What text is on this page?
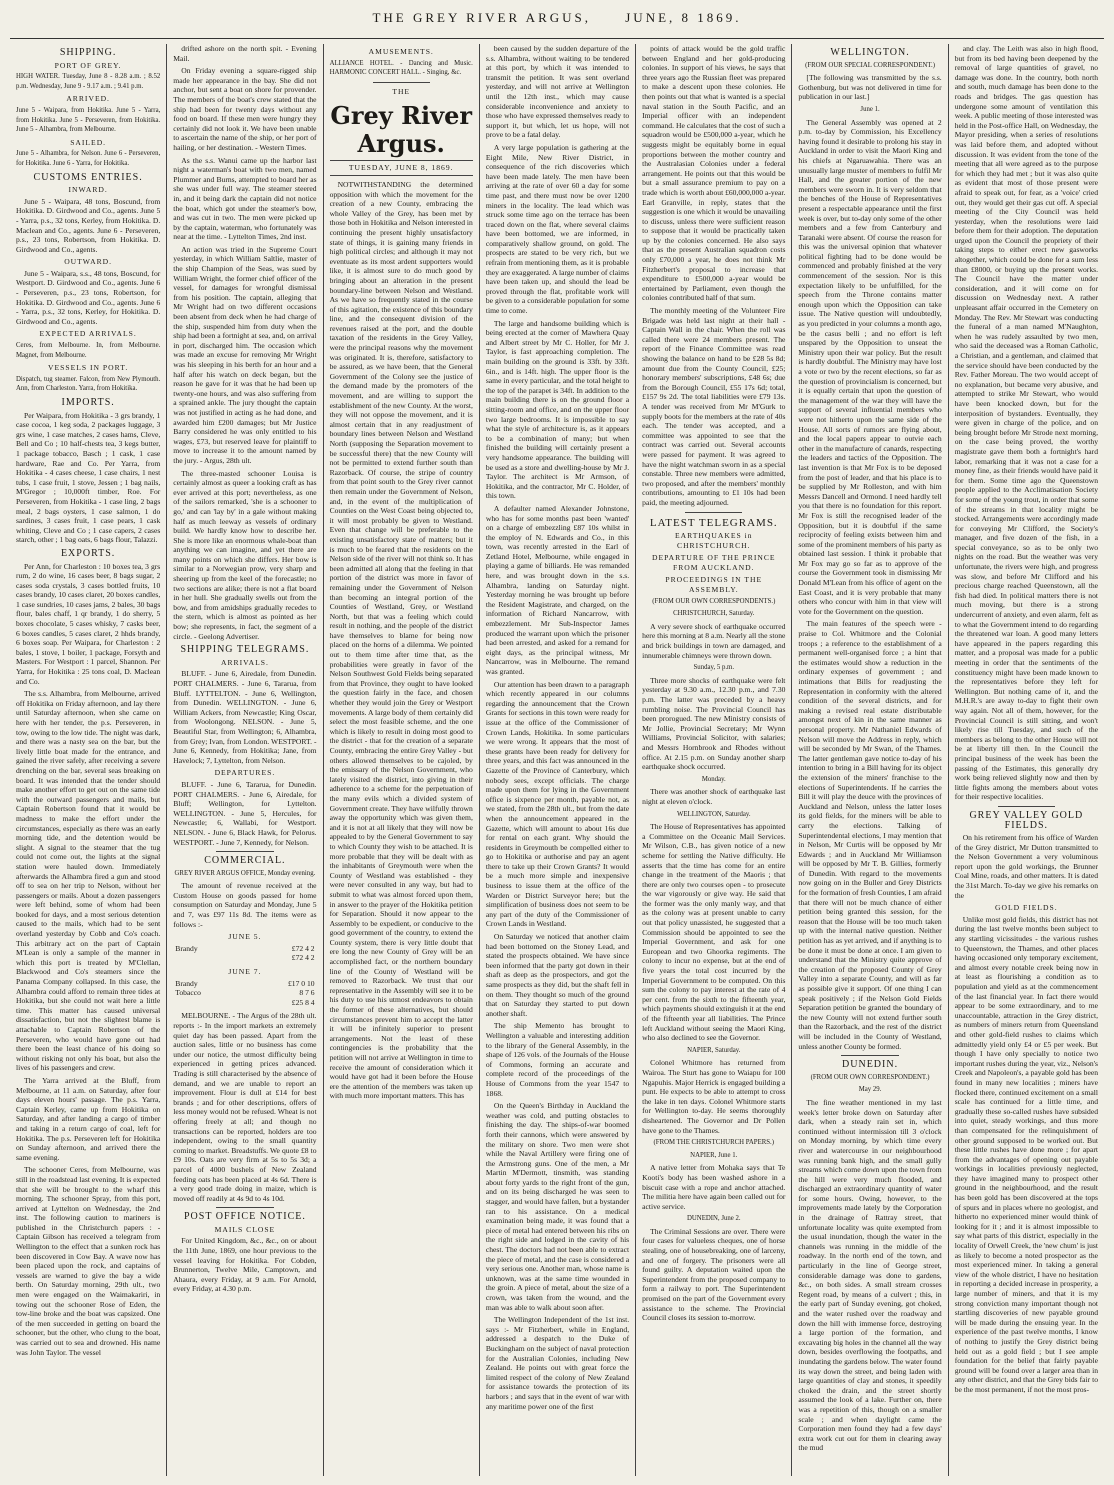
THE GREY RIVER ARGUS,	JUNE, 8 1869.
SHIPPING.
PORT OF GREY.

HIGH WATER. Tuesday, June 8 - 8.28 a.m. ; 8.52 p.m. Wednesday, June 9 - 9.17 a.m. ; 9.41 p.m.

ARRIVED.

June 5 - Waipara, from Hokitika. June 5 - Yarra, from Hokitika. June 5 - Perseveren, from Hokitika. June 5 - Alhambra, from Melbourne.

SAILED.

June 5 - Alhambra, for Nelson. June 6 - Perseveren, for Hokitika. June 6 - Yarra, for Hokitika.

CUSTOMS ENTRIES.
INWARD.

June 5 - Waipara, 48 tons, Boscund, from Hokitika. D. Girdwood and Co., agents. June 5 - Yarra, p.s., 32 tons, Kerley, from Hokitika. D. Maclean and Co., agents. June 6 - Perseveren, p.s., 23 tons, Robertson, from Hokitika. D. Girdwood and Co., agents.

OUTWARD.

June 5 - Waipara, s.s., 48 tons, Boscund, for Westport. D. Girdwood and Co., agents. June 6 - Perseveren, p.s., 23 tons, Robertson, for Hokitika. D. Girdwood and Co., agents. June 6 - Yarra, p.s., 32 tons, Kerley, for Hokitika. D. Girdwood and Co., agents.

EXPECTED ARRIVALS.

Ceres, from Melbourne. In, from Melbourne. Magnet, from Melbourne.

VESSELS IN PORT.

Dispatch, tug steamer. Falcon, from New Plymouth. Ann, from Charleston. Yarra, from Hokitika.

IMPORTS.

Per Waipara, from Hokitika - 3 grs brandy, 1 case cocoa, 1 keg soda, 2 packages luggage, 3 grs wine, 1 case matches, 2 cases hams, Cleve, Bell and Co ; 10 half-chests tea, 3 kegs butter, 1 package tobacco, Basch ; 1 cask, 1 case hardware, Rae and Co. Per Yarra, from Hokitika - 4 cases cheese, 1 case chairs, 1 nest tubs, 1 case fruit, 1 stove, Jessen ; 1 bag nails, M'Gregor ; 10,000ft timber, Roe. For Perseveren, from Hokitika - 1 case ling, 2 bags meal, 2 bags oysters, 1 case salmon, 1 do sardines, 3 cases fruit, 1 case pears, 1 cask whiting, Cleve and Co ; 1 case capers, 2 cases starch, other ; 1 bag oats, 6 bags flour, Talazzi.

EXPORTS.

Per Ann, for Charleston : 10 boxes tea, 3 grs rum, 2 do wine, 16 cases beer, 8 bags sugar, 2 cases soda crystals, 3 cases bottled fruits, 10 cases brandy, 10 cases claret, 20 boxes candles, 1 case sundries, 10 cases jams, 2 bales, 30 bags flour, bales chaff, 1 qr brandy, 1 do sherry, 5 boxes chocolate, 5 cases whisky, 7 casks beer, 6 boxes candles, 5 cases claret, 2 hhds brandy, 6 boxes soap. Per Waipara, for Charleston : 2 bales, 1 stove, 1 boiler, 1 package, Forsyth and Masters. For Westport : 1 parcel, Shannon. Per Yarra, for Hokitika : 25 tons coal, D. Maclean and Co.

The s.s. Alhambra, from Melbourne, arrived off Hokitika on Friday afternoon, and lay there until Saturday afternoon, when she came on here with her tender, the p.s. Perseveren, in tow, owing to the low tide. The night was dark, and there was a nasty sea on the bar, but the lively little boat made for the entrance, and gained the river safely, after receiving a severe drenching on the bar, several seas breaking on board. It was intended that the tender should make another effort to get out on the same tide with the outward passengers and mails, but Captain Robertson found that it would be madness to make the effort under the circumstances, especially as there was an early morning tide, and the detention would be slight. A signal to the steamer that the tug could not come out, the lights at the signal station were hauled down. Immediately afterwards the Alhambra fired a gun and stood off to sea on her trip to Nelson, without her passengers or mails. About a dozen passengers were left behind, some of whom had been booked for days, and a most serious detention caused to the mails, which had to be sent overland yesterday by Cobb and Co's coach. This arbitrary act on the part of Captain M'Lean is only a sample of the manner in which this port is treated by M'Clellan, Blackwood and Co's steamers since the Panama Company collapsed. In this case, the Alhambra could afford to remain three tides at Hokitika, but she could not wait here a little time. This matter has caused universal dissatisfaction, but not the slightest blame is attachable to Captain Robertson of the Perseveren, who would have gone out had there been the least chance of his doing so without risking not only his boat, but also the lives of his passengers and crew.

The Yarra arrived at the Bluff, from Melbourne, at 11 a.m. on Saturday, after four days eleven hours' passage. The p.s. Yarra, Captain Kerley, came up from Hokitika on Saturday, and after landing a cargo of timber and taking in a return cargo of coal, left for Hokitika. The p.s. Perseveren left for Hokitika on Sunday afternoon, and arrived there the same evening.

The schooner Ceres, from Melbourne, was still in the roadstead last evening. It is expected that she will be brought to the wharf this morning. The schooner Spray, from this port, arrived at Lyttelton on Wednesday, the 2nd inst. The following caution to mariners is published in the Christchurch papers : - Captain Gibson has received a telegram from Wellington to the effect that a sunken rock has been discovered in Cow Bay. A wave now has been placed upon the rock, and captains of vessels are warned to give the bay a wide berth. On Saturday morning, 29th ult., two men were engaged on the Waimakariri, in towing out the schooner Rose of Eden, the tow-line broke and the boat was capsized. One of the men succeeded in getting on board the schooner, but the other, who clung to the boat, was carried out to sea and drowned. His name was John Taylor. The vessel

drifted ashore on the north spit. - Evening Mail.

On Friday evening a square-rigged ship made her appearance in the bay. She did not anchor, but sent a boat on shore for provender. The members of the boat's crew stated that the ship had been for twenty days without any food on board. If these men were hungry they certainly did not look it. We have been unable to ascertain the name of the ship, or her port of hailing, or her destination. - Western Times.

As the s.s. Wanui came up the harbor last night a waterman's boat with two men, named Plummer and Burns, attempted to board her as she was under full way. The steamer steered in, and it being dark the captain did not notice the boat, which got under the steamer's bow, and was cut in two. The men were picked up by the captain, waterman, who fortunately was near at the time. - Lyttelton Times, 2nd inst.

An action was tried in the Supreme Court yesterday, in which William Saltlie, master of the ship Champion of the Seas, was sued by William Wright, the former chief officer of the vessel, for damages for wrongful dismissal from his position. The captain, alleging that Mr Wright had on two different occasions been absent from deck when he had charge of the ship, suspended him from duty when the ship had been a fortnight at sea, and, on arrival in port, discharged him. The occasion which was made an excuse for removing Mr Wright was his sleeping in his berth for an hour and a half after his watch on deck began, but the reason he gave for it was that he had been up twenty-one hours, and was also suffering from a sprained ankle. The jury thought the captain was not justified in acting as he had done, and awarded him £200 damages; but Mr Justice Barry considered he was only entitled to his wages, £73, but reserved leave for plaintiff to move to increase it to the amount named by the jury. - Argus, 28th ult.

The three-masted schooner Louisa is certainly almost as queer a looking craft as has ever arrived at this port; nevertheless, as one of the sailors remarked, 'she is a schooner to go,' and can 'lay by' in a gale without making half as much leeway as vessels of ordinary build. We hardly know how to describe her. She is more like an enormous whale-boat than anything we can imagine, and yet there are many points on which she differs. Her bow is similar to a Norwegian prow, very sharp and sheering up from the keel of the forecastle; no two sections are alike; there is not a flat board in her hull. She gradually swells out from the bow, and from amidships gradually recedes to the stern, which is almost as pointed as her bow; she represents, in fact, the segment of a circle. - Geelong Advertiser.

SHIPPING TELEGRAMS.
ARRIVALS.

BLUFF. - June 6, Airedale, from Dunedin. PORT CHALMERS. - June 6, Tararua, from Bluff. LYTTELTON. - June 6, Wellington, from Dunedin. WELLINGTON. - June 6, William Ackers, from Newcastle; King Oscar, from Woolongong. NELSON. - June 5, Beautiful Star, from Wellington; 6, Alhambra, from Grey; Ivan, from London. WESTPORT. - June 6, Kennedy, from Hokitika; Jane, from Havelock; 7, Lyttelton, from Nelson.

DEPARTURES.

BLUFF. - June 6, Tararua, for Dunedin. PORT CHALMERS. - June 6, Airedale, for Bluff; Wellington, for Lyttelton. WELLINGTON. - June 5, Hercules, for Newcastle; 6, Wallabi, for Westport. NELSON. - June 6, Black Hawk, for Pelorus. WESTPORT. - June 7, Kennedy, for Nelson.

COMMERCIAL.

GREY RIVER ARGUS OFFICE, Monday evening.

The amount of revenue received at the Custom House on goods passed for home consumption on Saturday and Monday, June 5 and 7, was £97 11s 8d. The items were as follows :-

JUNE 5.
Brandy	£72 4 2
	£72 4 2
JUNE 7.
Brandy	£17 0 10
Tobacco	8 7 6
	£25 8 4

MELBOURNE. - The Argus of the 28th ult. reports :- In the import markets an extremely quiet day has been passed. Apart from the auction sales, little or no business has come under our notice, the utmost difficulty being experienced in getting prices advanced. Trading is still characterised by the absence of demand, and we are unable to report an improvement. Flour is dull at £14 for best brands ; and for other descriptions, offers of less money would not be refused. Wheat is not offering freely at all; and though no transactions can be reported, holders are too independent, owing to the small quantity coming to market. Breadstuffs. We quote £8 to £9 10s. Oats are very firm at 5s to 5s 3d; a parcel of 4000 bushels of New Zealand feeding oats has been placed at 4s 6d. There is a very good trade doing in maize, which is moved off readily at 4s 9d to 4s 10d.

POST OFFICE NOTICE.
MAILS CLOSE

For United Kingdom, &c., &c., on or about the 11th June, 1869, one hour previous to the vessel leaving for Hokitika. For Cobden, Brunnerton, Twelve Mile, Camptown, and Ahaura, every Friday, at 9 a.m. For Arnold, every Friday, at 4.30 p.m.

AMUSEMENTS.

ALLIANCE HOTEL. - Dancing and Music. HARMONIC CONCERT HALL. - Singing, &c.

THE
Grey River Argus.
TUESDAY, JUNE 8, 1869.

NOTWITHSTANDING the determined opposition with which the movement for the creation of a new County, embracing the whole Valley of the Grey, has been met by those both in Hokitika and Nelson interested in continuing the present highly unsatisfactory state of things, it is gaining many friends in high political circles; and although it may not eventuate as its most ardent supporters would like, it is almost sure to do much good by bringing about an alteration in the present boundary-line between Nelson and Westland. As we have so frequently stated in the course of this agitation, the existence of this boundary line, and the consequent division of the revenues raised at the port, and the double taxation of the residents in the Grey Valley, were the principal reasons why the movement was originated. It is, therefore, satisfactory to be assured, as we have been, that the General Government of the Colony see the justice of the demand made by the promoters of the movement, and are willing to support the establishment of the new County. At the worst, they will not oppose the movement, and it is almost certain that in any readjustment of boundary lines between Nelson and Westland North (supposing the Separation movement to be successful there) that the new County will not be permitted to extend further south than Razorback. Of course, the stripe of country from that point south to the Grey river cannot then remain under the Government of Nelson, and, in the event of the multiplication of Counties on the West Coast being objected to, it will most probably be given to Westland. Even that change will be preferable to the existing unsatisfactory state of matters; but it is much to be feared that the residents on the Nelson side of the river will not think so. It has been admitted all along that the feeling in that portion of the district was more in favor of remaining under the Government of Nelson than becoming an integral portion of the Counties of Westland, Grey, or Westland North, but that was a feeling which could result in nothing, and the people of the district have themselves to blame for being now placed on the horns of a dilemma. We pointed out to them time after time that, as the probabilities were greatly in favor of the Nelson Southwest Gold Fields being separated from that Province, they ought to have looked the question fairly in the face, and chosen whether they would join the Grey or Westport movements. A large body of them certainly did select the most feasible scheme, and the one which is likely to result in doing most good to the district - that for the creation of a separate County, embracing the entire Grey Valley - but others allowed themselves to be cajoled, by the emissary of the Nelson Government, who lately visited the district, into giving in their adherence to a scheme for the perpetuation of the many evils which a divided system of Government create. They have wilfully thrown away the opportunity which was given them, and it is not at all likely that they will now be appealed to by the General Government to say to which County they wish to be attached. It is more probable that they will be dealt with as the inhabitants of Greymouth were when the County of Westland was established - they were never consulted in any way, but had to submit to what was almost forced upon them, in answer to the prayer of the Hokitika petition for Separation. Should it now appear to the Assembly to be expedient, or conducive to the good government of the country, to extend the County system, there is very little doubt that ere long the new County of Grey will be an accomplished fact, or the northern boundary line of the County of Westland will be removed to Razorback. We trust that our representative in the Assembly will see it to be his duty to use his utmost endeavors to obtain the former of these alternatives, but should circumstances prevent him to accept the latter it will be infinitely superior to present arrangements. Not the least of these contingencies is the probability that the petition will not arrive at Wellington in time to receive the amount of consideration which it would have got had it been before the House ere the attention of the members was taken up with much more important matters. This has

been caused by the sudden departure of the s.s. Alhambra, without waiting to be tendered at this port, by which it was intended to transmit the petition. It was sent overland yesterday, and will not arrive at Wellington until the 12th inst., which may cause considerable inconvenience and anxiety to those who have expressed themselves ready to support it, but which, let us hope, will not prove to be a fatal delay.

A very large population is gathering at the Eight Mile, New River District, in consequence of the rich discoveries which have been made lately. The men have been arriving at the rate of over 60 a day for some time past, and there must now be over 1200 miners in the locality. The lead which was struck some time ago on the terrace has been traced down on the flat, where several claims have been bottomed, we are informed, in comparatively shallow ground, on gold. The prospects are stated to be very rich, but we refrain from mentioning them, as it is probable they are exaggerated. A large number of claims have been taken up, and should the lead be proved through the flat, profitable work will be given to a considerable population for some time to come.

The large and handsome building which is being erected at the corner of Mawhera Quay and Albert street by Mr C. Holler, for Mr J. Taylor, is fast approaching completion. The main building on the ground is 33ft. by 33ft. 6in., and is 14ft. high. The upper floor is the same in every particular, and the total height to the top of the parapet is 34ft. In addition to the main building there is on the ground floor a sitting-room and office, and on the upper floor two large bedrooms. It is impossible to say what the style of architecture is, as it appears to be a combination of many; but when finished the building will certainly present a very handsome appearance. The building will be used as a store and dwelling-house by Mr J. Taylor. The architect is Mr Armson, of Hokitika, and the contractor, Mr C. Holder, of this town.

A defaulter named Alexander Johnstone, who has for some months past been 'wanted' on a charge of embezzling £87 10s whilst in the employ of N. Edwards and Co., in this town, was recently arrested in the Earl of Zetland Hotel, Melbourne, while engaged in playing a game of billiards. He was remanded here, and was brought down in the s.s. Alhambra, landing on Saturday night. Yesterday morning he was brought up before the Resident Magistrate, and charged, on the information of Richard Nancarrow, with embezzlement. Mr Sub-Inspector James produced the warrant upon which the prisoner had been arrested, and asked for a remand for eight days, as the principal witness, Mr Nancarrow, was in Melbourne. The remand was granted.

Our attention has been drawn to a paragraph which recently appeared in our columns regarding the announcement that the Crown Grants for sections in this town were ready for issue at the office of the Commissioner of Crown Lands, Hokitika. In some particulars we were wrong. It appears that the most of these grants have been ready for delivery for three years, and this fact was announced in the Gazette of the Province of Canterbury, which nobody sees, except officials. The charge made upon them for lying in the Government office is sixpence per month, payable not, as we stated, from the 28th ult., but from the date when the announcement appeared in the Gazette, which will amount to about 16s due for rental on each grant. Why should the residents in Greymouth be compelled either to go to Hokitika or authorise and pay an agent there to take up their Crown Grants? It would be a much more simple and inexpensive business to issue them at the office of the Warden or District Surveyor here; but the simplification of business does not seem to be any part of the duty of the Commissioner of Crown Lands in Westland.

On Saturday we noticed that another claim had been bottomed on the Stoney Lead, and stated the prospects obtained. We have since been informed that the party got down in their shaft as deep as the prospectors, and got the same prospects as they did, but the shaft fell in on them. They thought so much of the ground that on Saturday they started to put down another shaft.

The ship Memento has brought to Wellington a valuable and interesting addition to the library of the General Assembly, in the shape of 126 vols. of the Journals of the House of Commons, forming an accurate and complete record of the proceedings of the House of Commons from the year 1547 to 1868.

On the Queen's Birthday in Auckland the weather was cold, and putting obstacles to finishing the day. The ships-of-war boomed forth their cannons, which were answered by the military on shore. Two men were shot while the Naval Artillery were firing one of the Armstrong guns. One of the men, a Mr Martin M'Dermott, tinsmith, was standing about forty yards to the right front of the gun, and on its being discharged he was seen to stagger, and would have fallen, but a bystander ran to his assistance. On a medical examination being made, it was found that a piece of metal had entered between his ribs on the right side and lodged in the cavity of his chest. The doctors had not been able to extract the piece of metal, and the case is considered a very serious one. Another man, whose name is unknown, was at the same time wounded in the groin. A piece of metal, about the size of a crown, was taken from the wound, and the man was able to walk about soon after.

The Wellington Independent of the 1st inst. says :- Mr Fitzherbert, while in England, addressed a despatch to the Duke of Buckingham on the subject of naval protection for the Australian Colonies, including New Zealand. He points out with great force the limited respect of the colony of New Zealand for assistance towards the protection of its harbors ; and says that in the event of war with any maritime power one of the first

points of attack would be the gold traffic between England and her gold-producing colonies. In support of his views, he says that three years ago the Russian fleet was prepared to make a descent upon these colonies. He then points out that what is wanted is a special naval station in the South Pacific, and an Imperial officer with an independent command. He calculates that the cost of such a squadron would be £500,000 a-year, which he suggests might be equitably borne in equal proportions between the mother country and the Australasian Colonies under a federal arrangement. He points out that this would be but a small assurance premium to pay on a trade which is worth about £60,000,000 a-year. Earl Granville, in reply, states that the suggestion is one which it would be unavailing to discuss, unless there were sufficient reason to suppose that it would be practically taken up by the colonies concerned. He also says that as the present Australian squadron costs only £70,000 a year, he does not think Mr Fitzherbert's proposal to increase that expenditure to £500,000 a-year would be entertained by Parliament, even though the colonies contributed half of that sum.

The monthly meeting of the Volunteer Fire Brigade was held last night at their hall - Captain Wall in the chair. When the roll was called there were 24 members present. The report of the Finance Committee was read showing the balance on hand to be £28 5s 8d; amount due from the County Council, £25; honorary members' subscriptions, £48 6s; due from the Borough Council, £55 17s 6d; total, £157 9s 2d. The total liabilities were £79 13s. A tender was received from Mr M'Gurk to supply boots for the members at the rate of 40s each. The tender was accepted, and a committee was appointed to see that the contract was carried out. Several accounts were passed for payment. It was agreed to have the night watchman sworn in as a special constable. Three new members were admitted, two proposed, and after the members' monthly contributions, amounting to £1 10s had been paid, the meeting adjourned.

LATEST TELEGRAMS.
EARTHQUAKES in CHRISTCHURCH.
DEPARTURE OF THE PRINCE FROM AUCKLAND.
PROCEEDINGS IN THE ASSEMBLY.

(FROM OUR OWN CORRESPONDENTS.)

CHRISTCHURCH, Saturday.

A very severe shock of earthquake occurred here this morning at 8 a.m. Nearly all the stone and brick buildings in town are damaged, and innumerable chimneys were thrown down.

Sunday, 5 p.m.

Three more shocks of earthquake were felt yesterday at 9.30 a.m., 12.30 p.m., and 7.30 p.m. The latter was preceded by a heavy rumbling noise. The Provincial Council has been prorogued. The new Ministry consists of Mr Jollie, Provincial Secretary; Mr Wynn Williams, Provincial Solicitor, with salaries; and Messrs Hornbrook and Rhodes without office. At 2.15 p.m. on Sunday another sharp earthquake shock occurred.

Monday.

There was another shock of earthquake last night at eleven o'clock.

WELLINGTON, Saturday.

The House of Representatives has appointed a Committee on the Oceanic Mail Services. Mr Wilson, C.B., has given notice of a new scheme for settling the Native difficulty. He asserts that the time has come for an entire change in the treatment of the Maoris ; that there are only two courses open - to prosecute the war vigorously or give way. He said that the former was the only manly way, and that as the colony was at present unable to carry out that policy unassisted, he suggested that a Commission should be appointed to see the Imperial Government, and ask for one European and two Ghoorka regiments. The colony to incur no expense, but at the end of five years the total cost incurred by the Imperial Government to be computed. On this sum the colony to pay interest at the rate of 4 per cent. from the sixth to the fifteenth year, which payments should extinguish it at the end of the fifteenth year all liabilities. The Prince left Auckland without seeing the Maori King, who also declined to see the Governor.

NAPIER, Saturday.

Colonel Whitmore has returned from Wairoa. The Sturt has gone to Waiapu for 100 Ngapuhis. Major Herrick is engaged building a punt. He expects to be able to attempt to cross the lake in ten days. Colonel Whitmore starts for Wellington to-day. He seems thoroughly disheartened. The Governor and Dr Pollen have gone to the Thames.

(FROM THE CHRISTCHURCH PAPERS.)

NAPIER, June 1.

A native letter from Mohaka says that Te Kooti's body has been washed ashore in a biscuit case with a rope and anchor attached. The militia here have again been called out for active service.

DUNEDIN, June 2.

The Criminal Sessions are over. There were four cases for valueless cheques, one of horse stealing, one of housebreaking, one of larceny, and one of forgery. The prisoners were all found guilty. A deputation waited upon the Superintendent from the proposed company to form a railway to port. The Superintendent promised on the part of the Government every assistance to the scheme. The Provincial Council closes its session to-morrow.

WELLINGTON.

(FROM OUR SPECIAL CORRESPONDENT.)

[The following was transmitted by the s.s. Gothenburg, but was not delivered in time for publication in our last.]

June 1.

The General Assembly was opened at 2 p.m. to-day by Commission, his Excellency having found it desirable to prolong his stay in Auckland in order to visit the Maori King and his chiefs at Ngaruawahia. There was an unusually large muster of members to fulfil Mr Hall, and the greater portion of the new members were sworn in. It is very seldom that the benches of the House of Representatives present a respectable appearance until the first week is over, but to-day only some of the other members and a few from Canterbury and Taranaki were absent. Of course the reason for this was the universal opinion that whatever political fighting had to be done would be commenced and probably finished at the very commencement of the session. Nor is this expectation likely to be unfulfilled, for the speech from the Throne contains matter enough upon which the Opposition can take issue. The Native question will undoubtedly, as you predicted in your columns a month ago, be the casus belli ; and no effort is left unspared by the Opposition to unseat the Ministry upon their war policy. But the result is hardly doubtful. The Ministry may have lost a vote or two by the recent elections, so far as the question of provincialism is concerned, but it is equally certain that upon the question of the management of the war they will have the support of several influential members who were not hitherto upon the same side of the House. All sorts of rumors are flying about, and the local papers appear to outvie each other in the manufacture of canards, respecting the leaders and tactics of the Opposition. The last invention is that Mr Fox is to be deposed from the post of leader, and that his place is to be supplied by Mr Rolleston, and with him Messrs Dancell and Ormond. I need hardly tell you that there is no foundation for this report. Mr Fox is still the recognised leader of the Opposition, but it is doubtful if the same reciprocity of feeling exists between him and some of the prominent members of his party as obtained last session. I think it probable that Mr Fox may go so far as to approve of the course the Government took in dismissing Mr Donald M'Lean from his office of agent on the East Coast, and it is very probable that many others who concur with him in that view will vote for the Government on the question.

The main features of the speech were - praise to Col. Whitmore and the Colonial troops ; a reference to the establishment of a permanent well-organised force ; a hint that the estimates would show a reduction in the ordinary expenses of government ; and intimations that Bills for readjusting the Representation in conformity with the altered condition of the several districts, and for making a revised real estate distributable amongst next of kin in the same manner as personal property. Mr Nathaniel Edwards of Nelson will move the Address in reply, which will be seconded by Mr Swan, of the Thames. The latter gentleman gave notice to-day of his intention to bring in a Bill having for its object the extension of the miners' franchise to the elections of Superintendents. If he carries the Bill it will play the deuce with the provinces of Auckland and Nelson, unless the latter loses its gold fields, for the miners will be able to carry the elections. Talking of Superintendental elections, I may mention that in Nelson, Mr Curtis will be opposed by Mr Edwards ; and in Auckland Mr Williamson will be opposed by Mr T. B. Gillies, formerly of Dunedin. With regard to the movements now going on in the Buller and Grey Districts for the formation of fresh Counties, I am afraid that there will not be much chance of either petition being granted this session, for the reason that the House will be too much taken up with the internal native question. Neither petition has as yet arrived, and if anything is to be done it must be done at once. I am given to understand that the Ministry quite approve of the creation of the proposed County of Grey Valley into a separate County, and will as far as possible give it support. Of one thing I can speak positively ; if the Nelson Gold Fields Separation petition be granted the boundary of the new County will not extend further south than the Razorback, and the rest of the district will be included in the County of Westland, unless another County be formed.

DUNEDIN.

(FROM OUR OWN CORRESPONDENT.)

May 29.

The fine weather mentioned in my last week's letter broke down on Saturday after dark, when a steady rain set in, which continued without intermission till 3 o'clock on Monday morning, by which time every river and watercourse in our neighbourhood was running bank high, and the small gully streams which come down upon the town from the hill were very much flooded, and discharged an extraordinary quantity of water for some hours. Owing, however, to the improvements made lately by the Corporation in the drainage of Rattray street, that unfortunate locality was quite exempted from the usual inundation, though the water in the channels was running in the middle of the roadway. In the north end of the town, and particularly in the line of George street, considerable damage was done to gardens, &c., on both sides. A small stream crosses Regent road, by means of a culvert ; this, in the early part of Sunday evening, got choked, and the water rushed over the roadway and down the hill with immense force, destroying a large portion of the formation, and excavating big holes in the channel all the way down, besides overflowing the footpaths, and inundating the gardens below. The water found its way down the street, and being laden with large quantities of clay and stones, it speedily choked the drain, and the street shortly assumed the look of a lake. Further on, there was a repetition of this, though on a smaller scale ; and when daylight came the Corporation men found they had a few days' extra work cut out for them in clearing away the mud

and clay. The Leith was also in high flood, but from its bed having been deepened by the removal of large quantities of gravel, no damage was done. In the country, both north and south, much damage has been done to the roads and bridges. The gas question has undergone some amount of ventilation this week. A public meeting of those interested was held in the Post-office Hall, on Wednesday, the Mayor presiding, when a series of resolutions was laid before them, and adopted without discussion. It was evident from the tone of the meeting that all were agreed as to the purpose for which they had met ; but it was also quite as evident that most of those present were afraid to speak out, for fear, as a 'voice' cried out, they would get their gas cut off. A special meeting of the City Council was held yesterday, when the resolutions were laid before them for their adoption. The deputation urged upon the Council the propriety of their taking steps to either erect new gasworks altogether, which could be done for a sum less than £8000, or buying up the present works. The Council have the matter under consideration, and it will come on for discussion on Wednesday next. A rather unpleasant affair occurred in the Cemetery on Monday. The Rev. Mr Stewart was conducting the funeral of a man named M'Naughton, when he was rudely assaulted by two men, who said the deceased was a Roman Catholic, a Christian, and a gentleman, and claimed that the service should have been conducted by the Rev. Father Moreau. The two would accept of no explanation, but became very abusive, and attempted to strike Mr Stewart, who would have been knocked down, but for the interposition of bystanders. Eventually, they were given in charge of the police, and on being brought before Mr Strode next morning, on the case being proved, the worthy magistrate gave them both a fortnight's hard labor, remarking that it was not a case for a money fine, as their friends would have paid it for them. Some time ago the Queenstown people applied to the Acclimatisation Society for some of the young trout, in order that some of the streams in that locality might be stocked. Arrangements were accordingly made for conveying Mr Clifford, the Society's manager, and five dozen of the fish, in a special conveyance, so as to be only two nights on the road. But the weather was very unfortunate, the rivers were high, and progress was slow, and before Mr Clifford and his precious charge reached Queenstown, all the fish had died. In political matters there is not much moving, but there is a strong undercurrent of anxiety, and even alarm, felt as to what the Government intend to do regarding the threatened war loan. A good many letters have appeared in the papers regarding this matter, and a proposal was made for a public meeting in order that the sentiments of the constituency might have been made known to the representatives before they left for Wellington. But nothing came of it, and the M.H.R.'s are away to-day to fight their own way again. Not all of them, however, for the Provincial Council is still sitting, and won't likely rise till Tuesday, and such of the members as belong to the other House will not be at liberty till then. In the Council the principal business of the week has been the passing of the Estimates, this generally dry work being relieved slightly now and then by little fights among the members about votes for their respective localities.

GREY VALLEY GOLD FIELDS.

On his retirement from his office of Warden of the Grey district, Mr Dutton transmitted to the Nelson Government a very voluminous report upon the gold workings, the Brunner Coal Mine, roads, and other matters. It is dated the 31st March. To-day we give his remarks on the

GOLD FIELDS.

Unlike most gold fields, this district has not during the last twelve months been subject to any startling vicissitudes - the various rushes to Queenstown, the Thames, and other places having occasioned only temporary excitement, and almost every notable creek being now in at least as flourishing a condition as to population and yield as at the commencement of the last financial year. In fact there would appear to be some extraordinary, and to me unaccountable, attraction in the Grey district, as numbers of miners return from Queensland and other gold-field rushes to claims which admittedly yield only £4 or £5 per week. But though I have only specially to notice two important rushes during the year, viz., Nelson's Creek and Napoleon's, a payable gold has been found in many new localities ; miners have flocked there, continued excitement on a small scale has continued for a little time, and gradually these so-called rushes have subsided into quiet, steady workings, and thus more than compensated for the relinquishment of other ground supposed to be worked out. But these little rushes have done more ; for apart from the advantages of opening out payable workings in localities previously neglected, they have imagined many to prospect other ground in the neighbourhood, and the result has been gold has been discovered at the tops of spurs and in places where no geologist, and hitherto no experienced miner would think of looking for it ; and it is almost impossible to say what parts of this district, especially in the locality of Orwell Creek, the 'new chum' is just as likely to become a noted prospector as the most experienced miner. In taking a general view of the whole district, I have no hesitation in reporting a decided increase in prosperity, a large number of miners, and that it is my strong conviction many important though not startling discoveries of new payable ground will be made during the ensuing year. In the experience of the past twelve months, I know of nothing to justify the Grey district being held out as a gold field ; but I see ample foundation for the belief that fairly payable ground will be found over a larger area than in any other district, and that the Grey bids fair to be the most permanent, if not the most pros-
